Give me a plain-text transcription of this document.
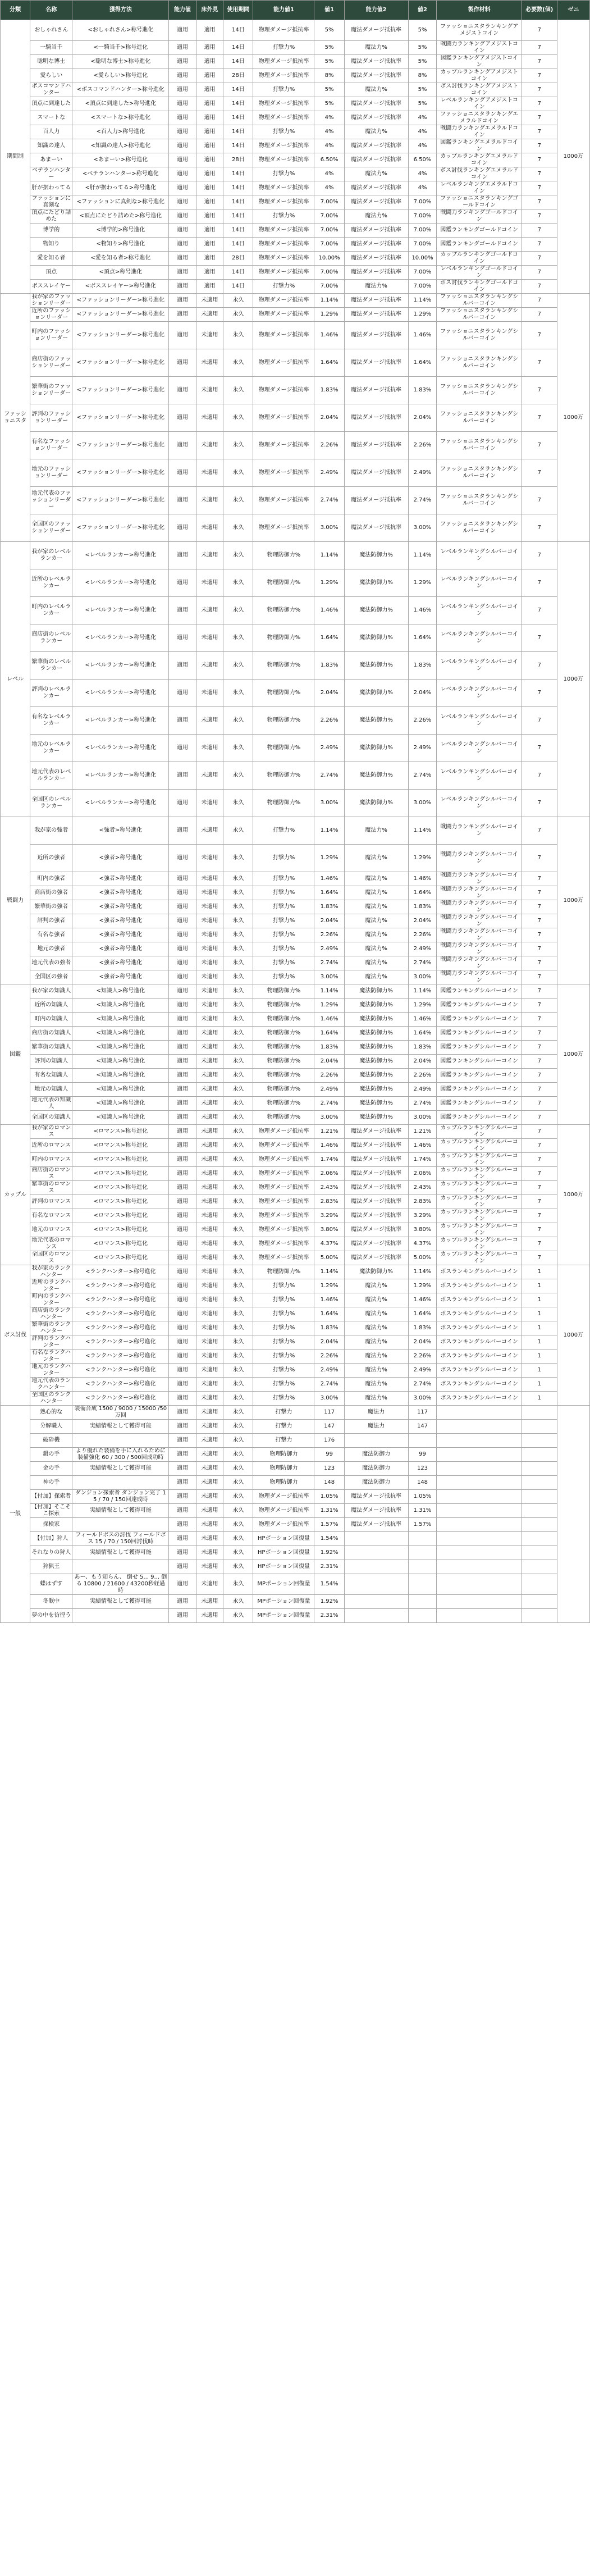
分類	名称	獲得方法	能力値	床外見	使用期間	能力値1	値1	能力値2	値2	製作材料	必要数(個)	ゼニ
期間制	おしゃれさん	<おしゃれさん>称号進化	適用	適用	14日	物理ダメージ抵抗率	5%	魔法ダメージ抵抗率	5%	ファッショニスタランキングアメジストコイン	7	1000万
	一騎当千	<一騎当千>称号進化	適用	適用	14日	打撃力%	5%	魔法力%	5%	戦闘力ランキングアメジストコイン	7	
	聡明な博士	<聡明な博士>称号進化	適用	適用	14日	物理ダメージ抵抗率	5%	魔法ダメージ抵抗率	5%	図鑑ランキングアメジストコイン	7	
	愛らしい	<愛らしい>称号進化	適用	適用	28日	物理ダメージ抵抗率	8%	魔法ダメージ抵抗率	8%	カップルランキングアメジストコイン	7	
	ボスコマンドハンター	<ボスコマンドハンター>称号進化	適用	適用	14日	打撃力%	5%	魔法力%	5%	ボス討伐ランキングアメジストコイン	7	
	頂点に到達した	<頂点に到達した>称号進化	適用	適用	14日	物理ダメージ抵抗率	5%	魔法ダメージ抵抗率	5%	レベルランキングアメジストコイン	7	
	スマートな	<スマートな>称号進化	適用	適用	14日	物理ダメージ抵抗率	4%	魔法ダメージ抵抗率	4%	ファッショニスタランキングエメラルドコイン	7	
	百人力	<百人力>称号進化	適用	適用	14日	打撃力%	4%	魔法力%	4%	戦闘力ランキングエメラルドコイン	7	
	知識の達人	<知識の達人>称号進化	適用	適用	14日	物理ダメージ抵抗率	4%	魔法ダメージ抵抗率	4%	図鑑ランキングエメラルドコイン	7	
	あまーい	<あまーい>称号進化	適用	適用	28日	物理ダメージ抵抗率	6.50%	魔法ダメージ抵抗率	6.50%	カップルランキングエメラルドコイン	7	
	ベテランハンター	<ベテランハンター>称号進化	適用	適用	14日	打撃力%	4%	魔法力%	4%	ボス討伐ランキングエメラルドコイン	7	
	肝が据わってる	<肝が据わってる>称号進化	適用	適用	14日	物理ダメージ抵抗率	4%	魔法ダメージ抵抗率	4%	レベルランキングエメラルドコイン	7	
	ファッションに真剣な	<ファッションに真剣な>称号進化	適用	適用	14日	物理ダメージ抵抗率	7.00%	魔法ダメージ抵抗率	7.00%	ファッショニスタランキングゴールドコイン	7	
	頂点にたどり詰めた	<頂点にたどり詰めた>称号進化	適用	適用	14日	打撃力%	7.00%	魔法力%	7.00%	戦闘力ランキングゴールドコイン	7	
	博学的	<博学的>称号進化	適用	適用	14日	物理ダメージ抵抗率	7.00%	魔法ダメージ抵抗率	7.00%	図鑑ランキングゴールドコイン	7	
	物知り	<物知り>称号進化	適用	適用	14日	物理ダメージ抵抗率	7.00%	魔法ダメージ抵抗率	7.00%	図鑑ランキングゴールドコイン	7	
	愛を知る者	<愛を知る者>称号進化	適用	適用	28日	物理ダメージ抵抗率	10.00%	魔法ダメージ抵抗率	10.00%	カップルランキングゴールドコイン	7	
	頂点	<頂点>称号進化	適用	適用	14日	物理ダメージ抵抗率	7.00%	魔法ダメージ抵抗率	7.00%	レベルランキングゴールドコイン	7	
	ボススレイヤー	<ボススレイヤー>称号進化	適用	適用	14日	打撃力%	7.00%	魔法力%	7.00%	ボス討伐ランキングゴールドコイン	7	
ファッショニスタ	我が家のファッションリーダー	<ファッションリーダー>称号進化	適用	未適用	永久	物理ダメージ抵抗率	1.14%	魔法ダメージ抵抗率	1.14%	ファッショニスタランキングシルバーコイン	7	1000万
	近所のファッションリーダー	<ファッションリーダー>称号進化	適用	未適用	永久	物理ダメージ抵抗率	1.29%	魔法ダメージ抵抗率	1.29%	ファッショニスタランキングシルバーコイン	7	
	町内のファッションリーダー	<ファッションリーダー>称号進化	適用	未適用	永久	物理ダメージ抵抗率	1.46%	魔法ダメージ抵抗率	1.46%	ファッショニスタランキングシルバーコイン	7	
	商店街のファッションリーダー	<ファッションリーダー>称号進化	適用	未適用	永久	物理ダメージ抵抗率	1.64%	魔法ダメージ抵抗率	1.64%	ファッショニスタランキングシルバーコイン	7	
	繁華街のファッションリーダー	<ファッションリーダー>称号進化	適用	未適用	永久	物理ダメージ抵抗率	1.83%	魔法ダメージ抵抗率	1.83%	ファッショニスタランキングシルバーコイン	7	
	評判のファッションリーダー	<ファッションリーダー>称号進化	適用	未適用	永久	物理ダメージ抵抗率	2.04%	魔法ダメージ抵抗率	2.04%	ファッショニスタランキングシルバーコイン	7	
	有名なファッションリーダー	<ファッションリーダー>称号進化	適用	未適用	永久	物理ダメージ抵抗率	2.26%	魔法ダメージ抵抗率	2.26%	ファッショニスタランキングシルバーコイン	7	
	地元のファッションリーダー	<ファッションリーダー>称号進化	適用	未適用	永久	物理ダメージ抵抗率	2.49%	魔法ダメージ抵抗率	2.49%	ファッショニスタランキングシルバーコイン	7	
	地元代表のファッションリーダー	<ファッションリーダー>称号進化	適用	未適用	永久	物理ダメージ抵抗率	2.74%	魔法ダメージ抵抗率	2.74%	ファッショニスタランキングシルバーコイン	7	
	全国区のファッションリーダー	<ファッションリーダー>称号進化	適用	未適用	永久	物理ダメージ抵抗率	3.00%	魔法ダメージ抵抗率	3.00%	ファッショニスタランキングシルバーコイン	7	
レベル	我が家のレベルランカー	<レベルランカー>称号進化	適用	未適用	永久	物理防御力%	1.14%	魔法防御力%	1.14%	レベルランキングシルバーコイン	7	1000万
	近所のレベルランカー	<レベルランカー>称号進化	適用	未適用	永久	物理防御力%	1.29%	魔法防御力%	1.29%	レベルランキングシルバーコイン	7	
	町内のレベルランカー	<レベルランカー>称号進化	適用	未適用	永久	物理防御力%	1.46%	魔法防御力%	1.46%	レベルランキングシルバーコイン	7	
	商店街のレベルランカー	<レベルランカー>称号進化	適用	未適用	永久	物理防御力%	1.64%	魔法防御力%	1.64%	レベルランキングシルバーコイン	7	
	繁華街のレベルランカー	<レベルランカー>称号進化	適用	未適用	永久	物理防御力%	1.83%	魔法防御力%	1.83%	レベルランキングシルバーコイン	7	
	評判のレベルランカー	<レベルランカー>称号進化	適用	未適用	永久	物理防御力%	2.04%	魔法防御力%	2.04%	レベルランキングシルバーコイン	7	
	有名なレベルランカー	<レベルランカー>称号進化	適用	未適用	永久	物理防御力%	2.26%	魔法防御力%	2.26%	レベルランキングシルバーコイン	7	
	地元のレベルランカー	<レベルランカー>称号進化	適用	未適用	永久	物理防御力%	2.49%	魔法防御力%	2.49%	レベルランキングシルバーコイン	7	
	地元代表のレベルランカー	<レベルランカー>称号進化	適用	未適用	永久	物理防御力%	2.74%	魔法防御力%	2.74%	レベルランキングシルバーコイン	7	
	全国区のレベルランカー	<レベルランカー>称号進化	適用	未適用	永久	物理防御力%	3.00%	魔法防御力%	3.00%	レベルランキングシルバーコイン	7	
戦闘力	我が家の強者	<強者>称号進化	適用	未適用	永久	打撃力%	1.14%	魔法力%	1.14%	戦闘力ランキングシルバーコイン	7	1000万
	近所の強者	<強者>称号進化	適用	未適用	永久	打撃力%	1.29%	魔法力%	1.29%	戦闘力ランキングシルバーコイン	7	
	町内の強者	<強者>称号進化	適用	未適用	永久	打撃力%	1.46%	魔法力%	1.46%	戦闘力ランキングシルバーコイン	7	
	商店街の強者	<強者>称号進化	適用	未適用	永久	打撃力%	1.64%	魔法力%	1.64%	戦闘力ランキングシルバーコイン	7	
	繁華街の強者	<強者>称号進化	適用	未適用	永久	打撃力%	1.83%	魔法力%	1.83%	戦闘力ランキングシルバーコイン	7	
	評判の強者	<強者>称号進化	適用	未適用	永久	打撃力%	2.04%	魔法力%	2.04%	戦闘力ランキングシルバーコイン	7	
	有名な強者	<強者>称号進化	適用	未適用	永久	打撃力%	2.26%	魔法力%	2.26%	戦闘力ランキングシルバーコイン	7	
	地元の強者	<強者>称号進化	適用	未適用	永久	打撃力%	2.49%	魔法力%	2.49%	戦闘力ランキングシルバーコイン	7	
	地元代表の強者	<強者>称号進化	適用	未適用	永久	打撃力%	2.74%	魔法力%	2.74%	戦闘力ランキングシルバーコイン	7	
	全国区の強者	<強者>称号進化	適用	未適用	永久	打撃力%	3.00%	魔法力%	3.00%	戦闘力ランキングシルバーコイン	7	
図鑑	我が家の知識人	<知識人>称号進化	適用	未適用	永久	物理防御力%	1.14%	魔法防御力%	1.14%	図鑑ランキングシルバーコイン	7	1000万
	近所の知識人	<知識人>称号進化	適用	未適用	永久	物理防御力%	1.29%	魔法防御力%	1.29%	図鑑ランキングシルバーコイン	7	
	町内の知識人	<知識人>称号進化	適用	未適用	永久	物理防御力%	1.46%	魔法防御力%	1.46%	図鑑ランキングシルバーコイン	7	
	商店街の知識人	<知識人>称号進化	適用	未適用	永久	物理防御力%	1.64%	魔法防御力%	1.64%	図鑑ランキングシルバーコイン	7	
	繁華街の知識人	<知識人>称号進化	適用	未適用	永久	物理防御力%	1.83%	魔法防御力%	1.83%	図鑑ランキングシルバーコイン	7	
	評判の知識人	<知識人>称号進化	適用	未適用	永久	物理防御力%	2.04%	魔法防御力%	2.04%	図鑑ランキングシルバーコイン	7	
	有名な知識人	<知識人>称号進化	適用	未適用	永久	物理防御力%	2.26%	魔法防御力%	2.26%	図鑑ランキングシルバーコイン	7	
	地元の知識人	<知識人>称号進化	適用	未適用	永久	物理防御力%	2.49%	魔法防御力%	2.49%	図鑑ランキングシルバーコイン	7	
	地元代表の知識人	<知識人>称号進化	適用	未適用	永久	物理防御力%	2.74%	魔法防御力%	2.74%	図鑑ランキングシルバーコイン	7	
	全国区の知識人	<知識人>称号進化	適用	未適用	永久	物理防御力%	3.00%	魔法防御力%	3.00%	図鑑ランキングシルバーコイン	7	
カップル	我が家のロマンス	<ロマンス>称号進化	適用	未適用	永久	物理ダメージ抵抗率	1.21%	魔法ダメージ抵抗率	1.21%	カップルランキングシルバーコイン	7	1000万
	近所のロマンス	<ロマンス>称号進化	適用	未適用	永久	物理ダメージ抵抗率	1.46%	魔法ダメージ抵抗率	1.46%	カップルランキングシルバーコイン	7	
	町内のロマンス	<ロマンス>称号進化	適用	未適用	永久	物理ダメージ抵抗率	1.74%	魔法ダメージ抵抗率	1.74%	カップルランキングシルバーコイン	7	
	商店街のロマンス	<ロマンス>称号進化	適用	未適用	永久	物理ダメージ抵抗率	2.06%	魔法ダメージ抵抗率	2.06%	カップルランキングシルバーコイン	7	
	繁華街のロマンス	<ロマンス>称号進化	適用	未適用	永久	物理ダメージ抵抗率	2.43%	魔法ダメージ抵抗率	2.43%	カップルランキングシルバーコイン	7	
	評判のロマンス	<ロマンス>称号進化	適用	未適用	永久	物理ダメージ抵抗率	2.83%	魔法ダメージ抵抗率	2.83%	カップルランキングシルバーコイン	7	
	有名なロマンス	<ロマンス>称号進化	適用	未適用	永久	物理ダメージ抵抗率	3.29%	魔法ダメージ抵抗率	3.29%	カップルランキングシルバーコイン	7	
	地元のロマンス	<ロマンス>称号進化	適用	未適用	永久	物理ダメージ抵抗率	3.80%	魔法ダメージ抵抗率	3.80%	カップルランキングシルバーコイン	7	
	地元代表のロマンス	<ロマンス>称号進化	適用	未適用	永久	物理ダメージ抵抗率	4.37%	魔法ダメージ抵抗率	4.37%	カップルランキングシルバーコイン	7	
	全国区のロマンス	<ロマンス>称号進化	適用	未適用	永久	物理ダメージ抵抗率	5.00%	魔法ダメージ抵抗率	5.00%	カップルランキングシルバーコイン	7	
ボス討伐	我が家のランクハンター	<ランクハンター>称号進化	適用	未適用	永久	物理防御力%	1.14%	魔法防御力%	1.14%	ボスランキングシルバーコイン	1	1000万
	近所のランクハンター	<ランクハンター>称号進化	適用	未適用	永久	打撃力%	1.29%	魔法力%	1.29%	ボスランキングシルバーコイン	1	
	町内のランクハンター	<ランクハンター>称号進化	適用	未適用	永久	打撃力%	1.46%	魔法力%	1.46%	ボスランキングシルバーコイン	1	
	商店街のランクハンター	<ランクハンター>称号進化	適用	未適用	永久	打撃力%	1.64%	魔法力%	1.64%	ボスランキングシルバーコイン	1	
	繁華街のランクハンター	<ランクハンター>称号進化	適用	未適用	永久	打撃力%	1.83%	魔法力%	1.83%	ボスランキングシルバーコイン	1	
	評判のランクハンター	<ランクハンター>称号進化	適用	未適用	永久	打撃力%	2.04%	魔法力%	2.04%	ボスランキングシルバーコイン	1	
	有名なランクハンター	<ランクハンター>称号進化	適用	未適用	永久	打撃力%	2.26%	魔法力%	2.26%	ボスランキングシルバーコイン	1	
	地元のランクハンター	<ランクハンター>称号進化	適用	未適用	永久	打撃力%	2.49%	魔法力%	2.49%	ボスランキングシルバーコイン	1	
	地元代表のランクハンター	<ランクハンター>称号進化	適用	未適用	永久	打撃力%	2.74%	魔法力%	2.74%	ボスランキングシルバーコイン	1	
	全国区のランクハンター	<ランクハンター>称号進化	適用	未適用	永久	打撃力%	3.00%	魔法力%	3.00%	ボスランキングシルバーコイン	1	
一般	熟心的な	装備合成 1500 / 9000 / 15000 /50万回	適用	未適用	永久	打撃力	117	魔法力	117			
	分解職人	実績情報として獲得可能	適用	未適用	永久	打撃力	147	魔法力	147			
	破砕機		適用	未適用	永久	打撃力	176					
	鍛の手	より優れた装備を手に入れるために 装備強化 60 / 300 / 500回成功時	適用	未適用	永久	物理防御力	99	魔法防御力	99			
	金の手	実績情報として獲得可能	適用	未適用	永久	物理防御力	123	魔法防御力	123			
	神の手		適用	未適用	永久	物理防御力	148	魔法防御力	148			
	【付加】探索者	ダンジョン探索者 ダンジョン完了 15 / 70 / 150回達成時	適用	未適用	永久	物理ダメージ抵抗率	1.05%	魔法ダメージ抵抗率	1.05%			
	【付加】そこそこ探索	実績情報として獲得可能	適用	未適用	永久	物理ダメージ抵抗率	1.31%	魔法ダメージ抵抗率	1.31%			
	探検家		適用	未適用	永久	物理ダメージ抵抗率	1.57%	魔法ダメージ抵抗率	1.57%			
	【付加】狩人	フィールドボスの討伐 フィールドボス 15 / 70 / 150回討伐時	適用	未適用	永久	HPポーション回復量	1.54%					
	それなりの狩人	実績情報として獲得可能	適用	未適用	永久	HPポーション回復量	1.92%					
	狩猟王		適用	未適用	永久	HPポーション回復量	2.31%					
	蝶はずす	あー、もう知らん、 倒せ 5... 9... 倒る 10800 / 21600 / 43200秒経過時	適用	未適用	永久	MPポーション回復量	1.54%					
	冬眠中	実績情報として獲得可能	適用	未適用	永久	MPポーション回復量	1.92%					
	夢の中を彷徨う		適用	未適用	永久	MPポーション回復量	2.31%					
